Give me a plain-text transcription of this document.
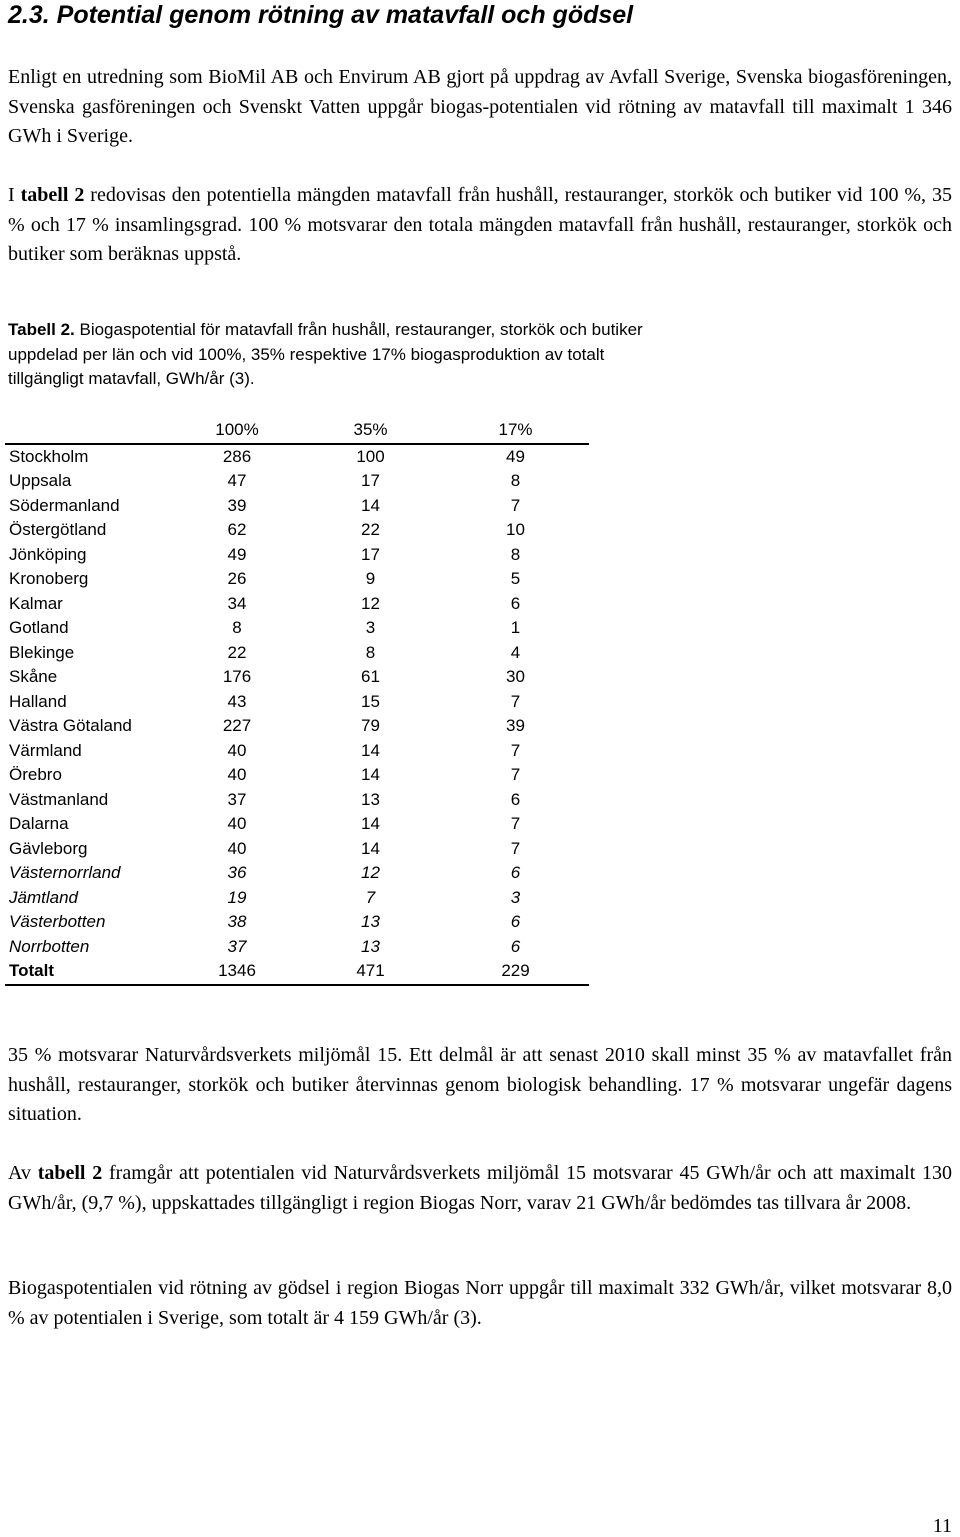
2.3. Potential genom rötning av matavfall och gödsel

Enligt en utredning som BioMil AB och Envirum AB gjort på uppdrag av Avfall Sverige, Svenska biogasföreningen, Svenska gasföreningen och Svenskt Vatten uppgår biogas-potentialen vid rötning av matavfall till maximalt 1 346 GWh i Sverige.

I tabell 2 redovisas den potentiella mängden matavfall från hushåll, restauranger, storkök och butiker vid 100 %, 35 % och 17 % insamlingsgrad. 100 % motsvarar den totala mängden matavfall från hushåll, restauranger, storkök och butiker som beräknas uppstå.

Tabell 2. Biogaspotential för matavfall från hushåll, restauranger, storkök och butiker uppdelad per län och vid 100%, 35% respektive 17% biogasproduktion av totalt tillgängligt matavfall, GWh/år (3).

	100%	35%	17%
Stockholm	286	100	49
Uppsala	47	17	8
Södermanland	39	14	7
Östergötland	62	22	10
Jönköping	49	17	8
Kronoberg	26	9	5
Kalmar	34	12	6
Gotland	8	3	1
Blekinge	22	8	4
Skåne	176	61	30
Halland	43	15	7
Västra Götaland	227	79	39
Värmland	40	14	7
Örebro	40	14	7
Västmanland	37	13	6
Dalarna	40	14	7
Gävleborg	40	14	7
Västernorrland	36	12	6
Jämtland	19	7	3
Västerbotten	38	13	6
Norrbotten	37	13	6
Totalt	1346	471	229

35 % motsvarar Naturvårdsverkets miljömål 15. Ett delmål är att senast 2010 skall minst 35 % av matavfallet från hushåll, restauranger, storkök och butiker återvinnas genom biologisk behandling. 17 % motsvarar ungefär dagens situation.

Av tabell 2 framgår att potentialen vid Naturvårdsverkets miljömål 15 motsvarar 45 GWh/år och att maximalt 130 GWh/år, (9,7 %), uppskattades tillgängligt i region Biogas Norr, varav 21 GWh/år bedömdes tas tillvara år 2008.

Biogaspotentialen vid rötning av gödsel i region Biogas Norr uppgår till maximalt 332 GWh/år, vilket motsvarar 8,0 % av potentialen i Sverige, som totalt är 4 159 GWh/år (3).

11
